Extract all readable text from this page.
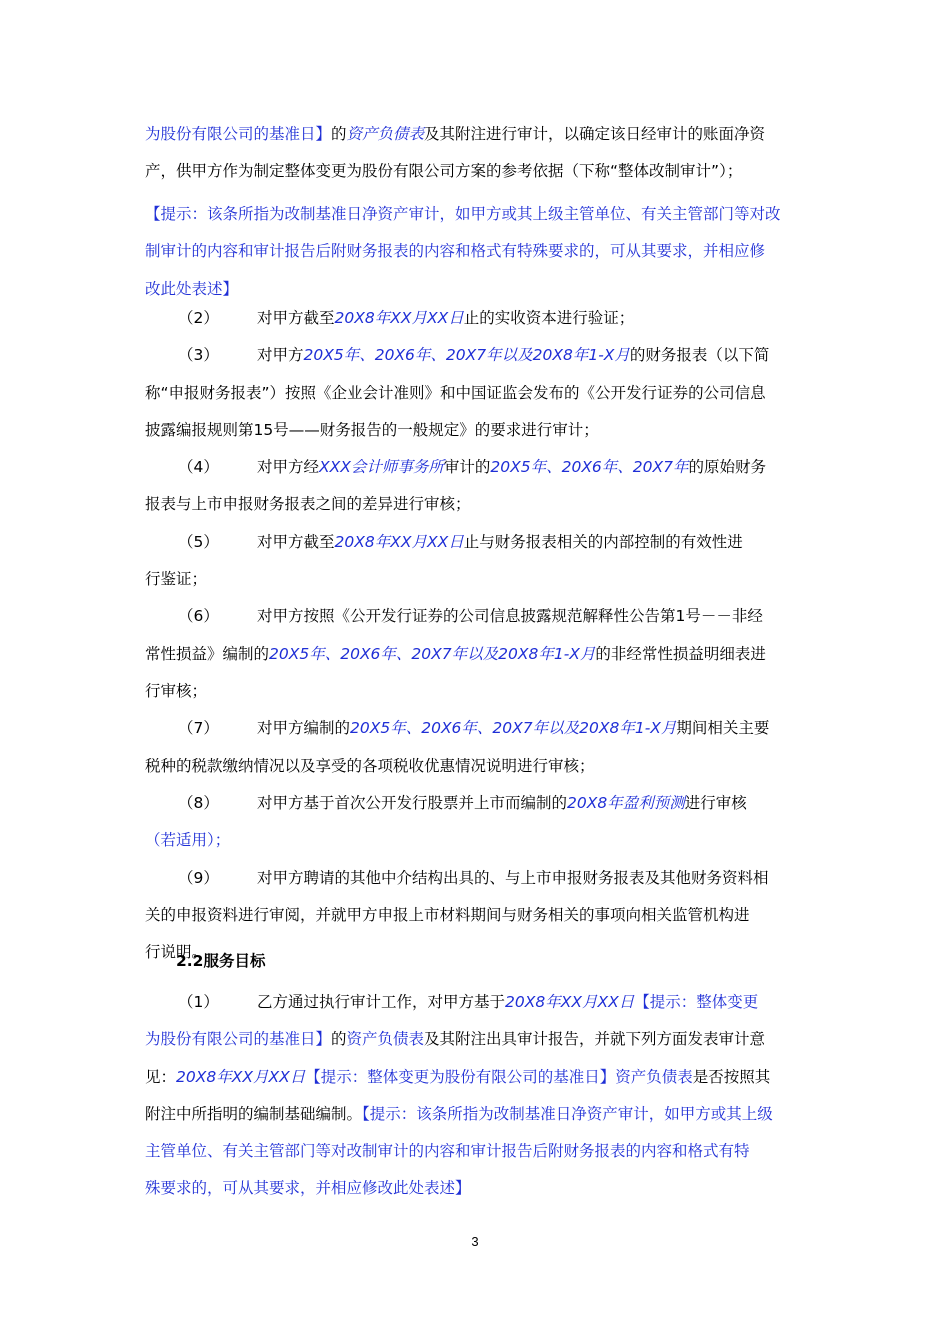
为股份有限公司的基准日】的资产负债表及其附注进行审计，以确定该日经审计的账面净资
产，供甲方作为制定整体变更为股份有限公司方案的参考依据（下称“整体改制审计”）；
【提示：该条所指为改制基准日净资产审计，如甲方或其上级主管单位、有关主管部门等对改
制审计的内容和审计报告后附财务报表的内容和格式有特殊要求的，可从其要求，并相应修
改此处表述】
（2） 对甲方截至20X8年XX月XX日止的实收资本进行验证；
（3） 对甲方20X5年、20X6年、20X7年以及20X8年1-X月的财务报表（以下简
称“申报财务报表”）按照《企业会计准则》和中国证监会发布的《公开发行证券的公司信息
披露编报规则第15号——财务报告的一般规定》的要求进行审计；
（4） 对甲方经XXX会计师事务所审计的20X5年、20X6年、20X7年的原始财务
报表与上市申报财务报表之间的差异进行审核；
（5） 对甲方截至20X8年XX月XX日止与财务报表相关的内部控制的有效性进
行鉴证；
（6） 对甲方按照《公开发行证券的公司信息披露规范解释性公告第1号－－非经
常性损益》编制的20X5年、20X6年、20X7年以及20X8年1-X月的非经常性损益明细表进
行审核；
（7） 对甲方编制的20X5年、20X6年、20X7年以及20X8年1-X月期间相关主要
税种的税款缴纳情况以及享受的各项税收优惠情况说明进行审核；
（8） 对甲方基于首次公开发行股票并上市而编制的20X8年盈利预测进行审核
（若适用）；
（9） 对甲方聘请的其他中介结构出具的、与上市申报财务报表及其他财务资料相
关的申报资料进行审阅，并就甲方申报上市材料期间与财务相关的事项向相关监管机构进
行说明。
2.2服务目标
（1） 乙方通过执行审计工作，对甲方基于20X8年XX月XX日【提示：整体变更
为股份有限公司的基准日】的资产负债表及其附注出具审计报告，并就下列方面发表审计意
见：20X8年XX月XX日【提示：整体变更为股份有限公司的基准日】资产负债表是否按照其
附注中所指明的编制基础编制。【提示：该条所指为改制基准日净资产审计，如甲方或其上级
主管单位、有关主管部门等对改制审计的内容和审计报告后附财务报表的内容和格式有特
殊要求的，可从其要求，并相应修改此处表述】
3
